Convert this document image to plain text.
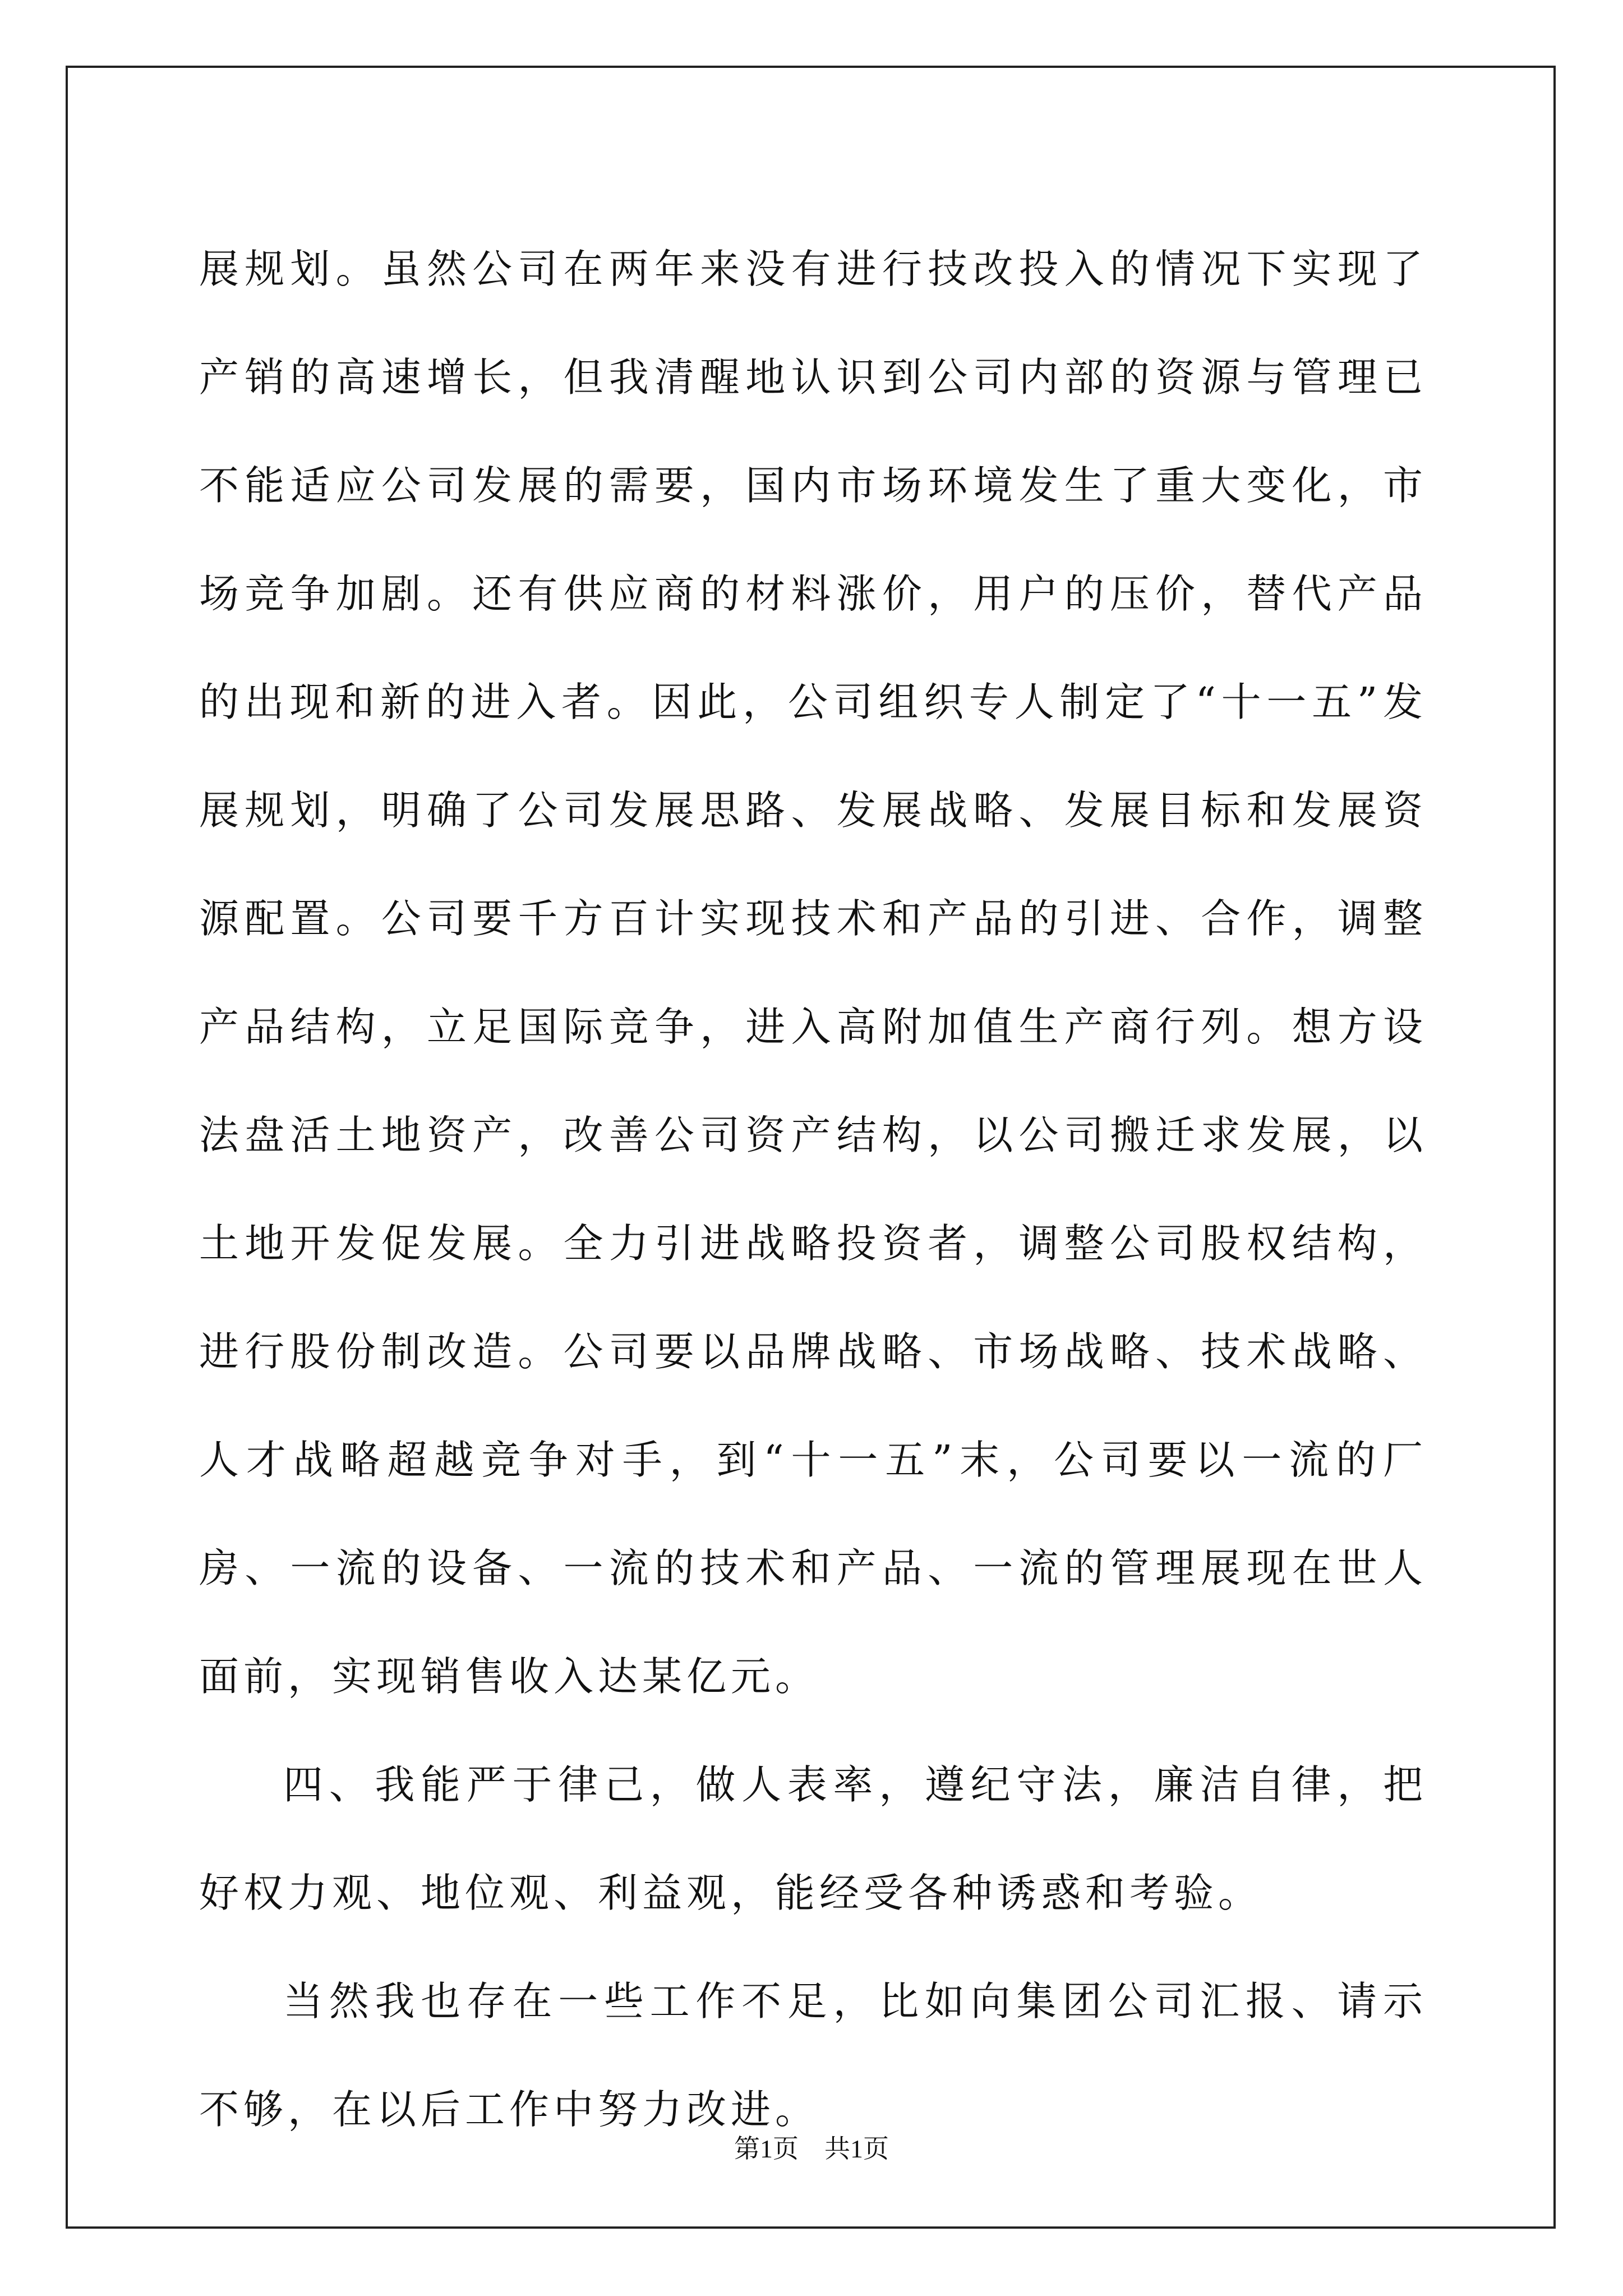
展规划。虽然公司在两年来没有进行技改投入的情况下实现了产销的高速增长，但我清醒地认识到公司内部的资源与管理已不能适应公司发展的需要，国内市场环境发生了重大变化，市场竞争加剧。还有供应商的材料涨价，用户的压价，替代产品的出现和新的进入者。因此，公司组织专人制定了“十一五”发展规划，明确了公司发展思路、发展战略、发展目标和发展资源配置。公司要千方百计实现技术和产品的引进、合作，调整产品结构，立足国际竞争，进入高附加值生产商行列。想方设法盘活土地资产，改善公司资产结构，以公司搬迁求发展，以土地开发促发展。全力引进战略投资者，调整公司股权结构，进行股份制改造。公司要以品牌战略、市场战略、技术战略、人才战略超越竞争对手，到“十一五”末，公司要以一流的厂房、一流的设备、一流的技术和产品、一流的管理展现在世人面前，实现销售收入达某亿元。

四、我能严于律己，做人表率，遵纪守法，廉洁自律，把好权力观、地位观、利益观，能经受各种诱惑和考验。

当然我也存在一些工作不足，比如向集团公司汇报、请示不够，在以后工作中努力改进。

第1页　共1页
